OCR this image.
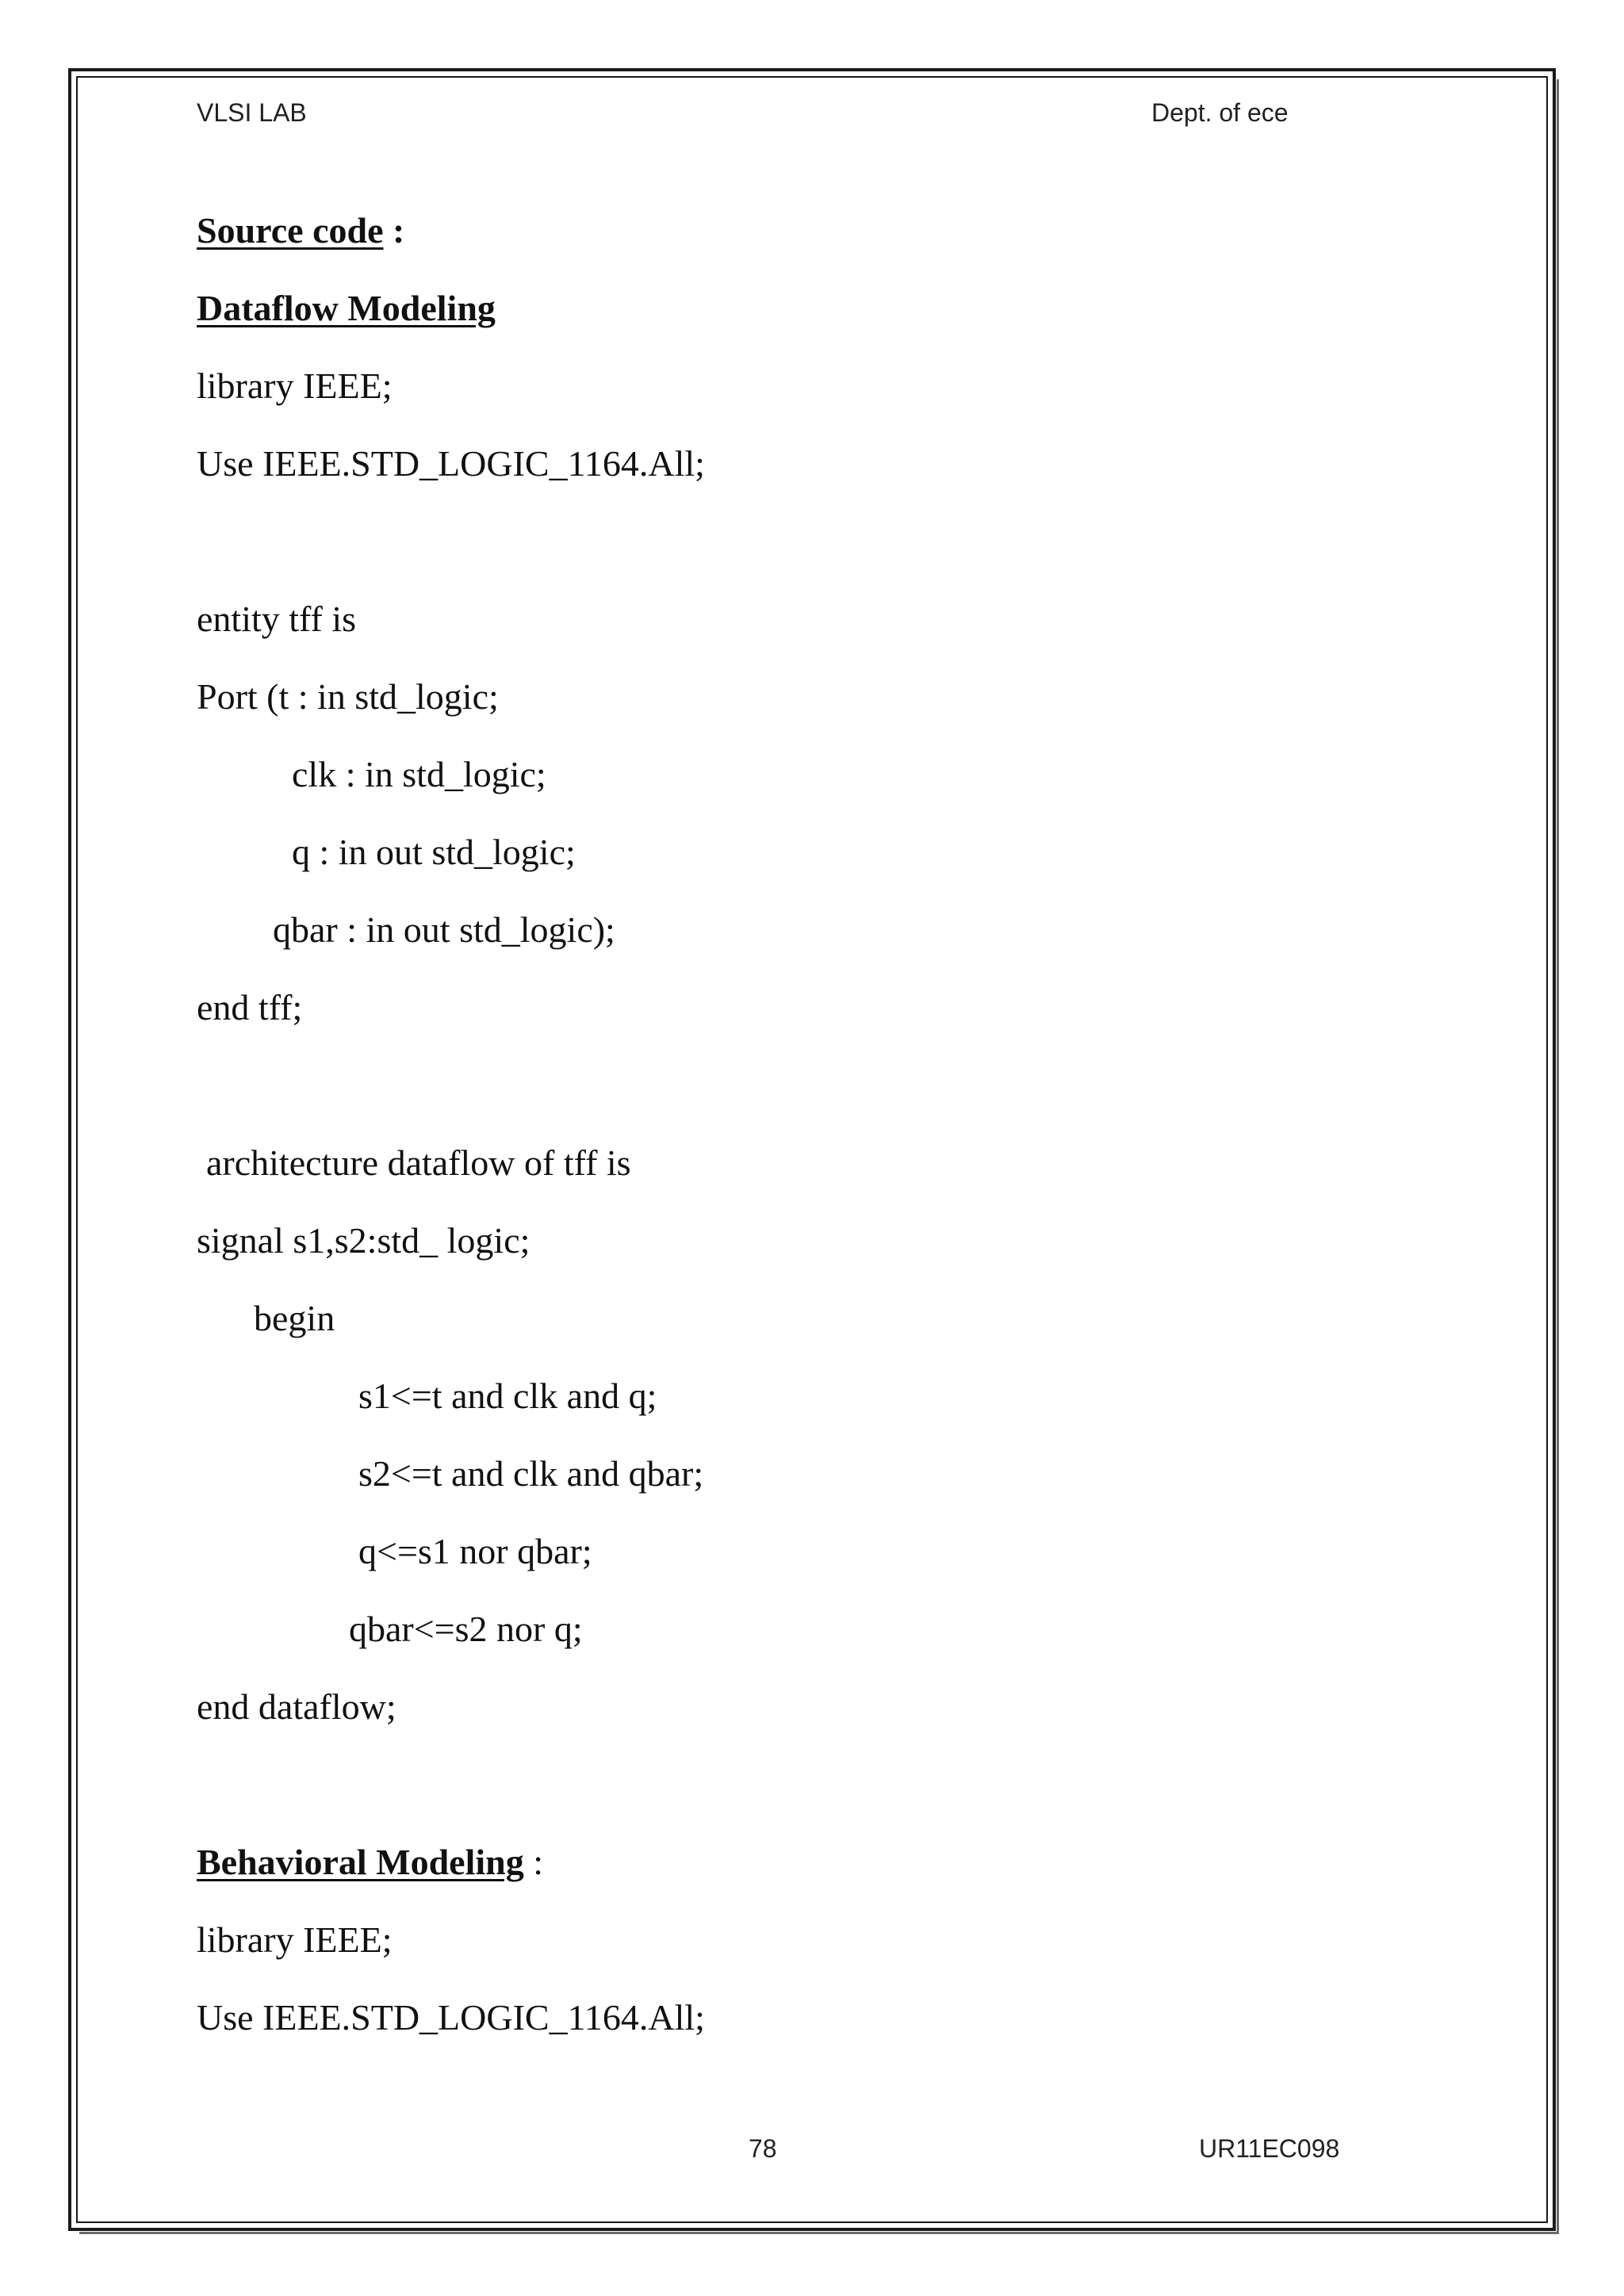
VLSI LAB	Dept. of ece
Source code :
Dataflow Modeling
library IEEE;
Use IEEE.STD_LOGIC_1164.All;
entity tff is
Port (t : in std_logic;
clk : in std_logic;
q : in out std_logic;
qbar : in out std_logic);
end tff;
architecture dataflow of tff is
signal s1,s2:std_ logic;
begin
s1<=t and clk and q;
s2<=t and clk and qbar;
q<=s1 nor qbar;
qbar<=s2 nor q;
end dataflow;
Behavioral Modeling :
library IEEE;
Use IEEE.STD_LOGIC_1164.All;
78	UR11EC098
